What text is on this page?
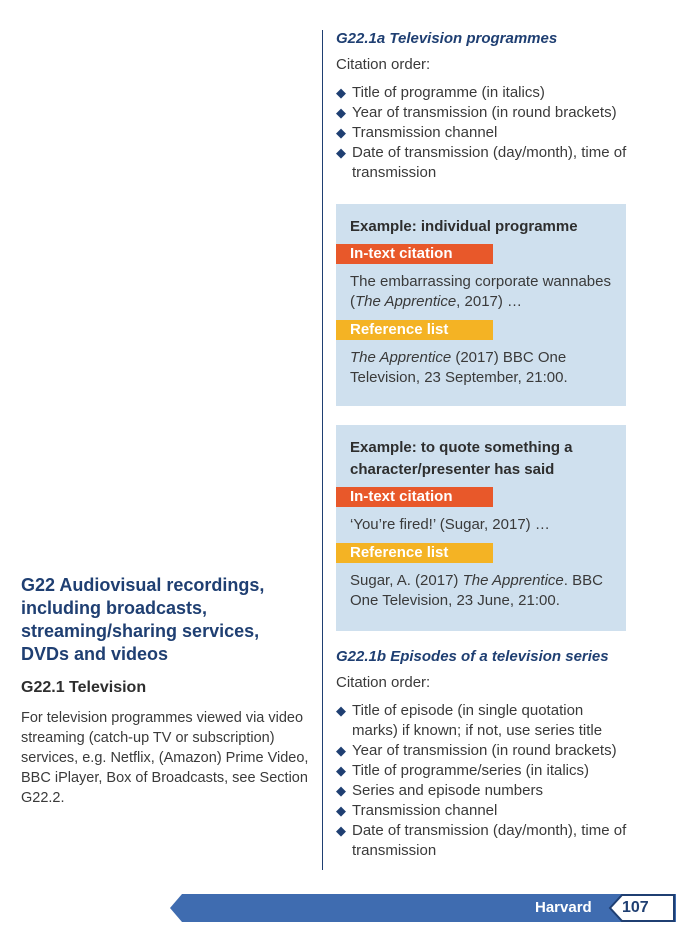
G22.1a Television programmes

Citation order:

◆ Title of programme (in italics)
◆ Year of transmission (in round brackets)
◆ Transmission channel
◆ Date of transmission (day/month), time of transmission

Example: individual programme

In-text citation

The embarrassing corporate wannabes (The Apprentice, 2017) …

Reference list

The Apprentice (2017) BBC One Television, 23 September, 21:00.

Example: to quote something a character/presenter has said

In-text citation

‘You’re fired!’ (Sugar, 2017) …

Reference list

Sugar, A. (2017) The Apprentice. BBC One Television, 23 June, 21:00.

G22.1b Episodes of a television series

Citation order:

◆ Title of episode (in single quotation marks) if known; if not, use series title
◆ Year of transmission (in round brackets)
◆ Title of programme/series (in italics)
◆ Series and episode numbers
◆ Transmission channel
◆ Date of transmission (day/month), time of transmission

G22 Audiovisual recordings, including broadcasts, streaming/sharing services, DVDs and videos

G22.1 Television

For television programmes viewed via video streaming (catch-up TV or subscription) services, e.g. Netflix, (Amazon) Prime Video, BBC iPlayer, Box of Broadcasts, see Section G22.2.

Harvard 107
